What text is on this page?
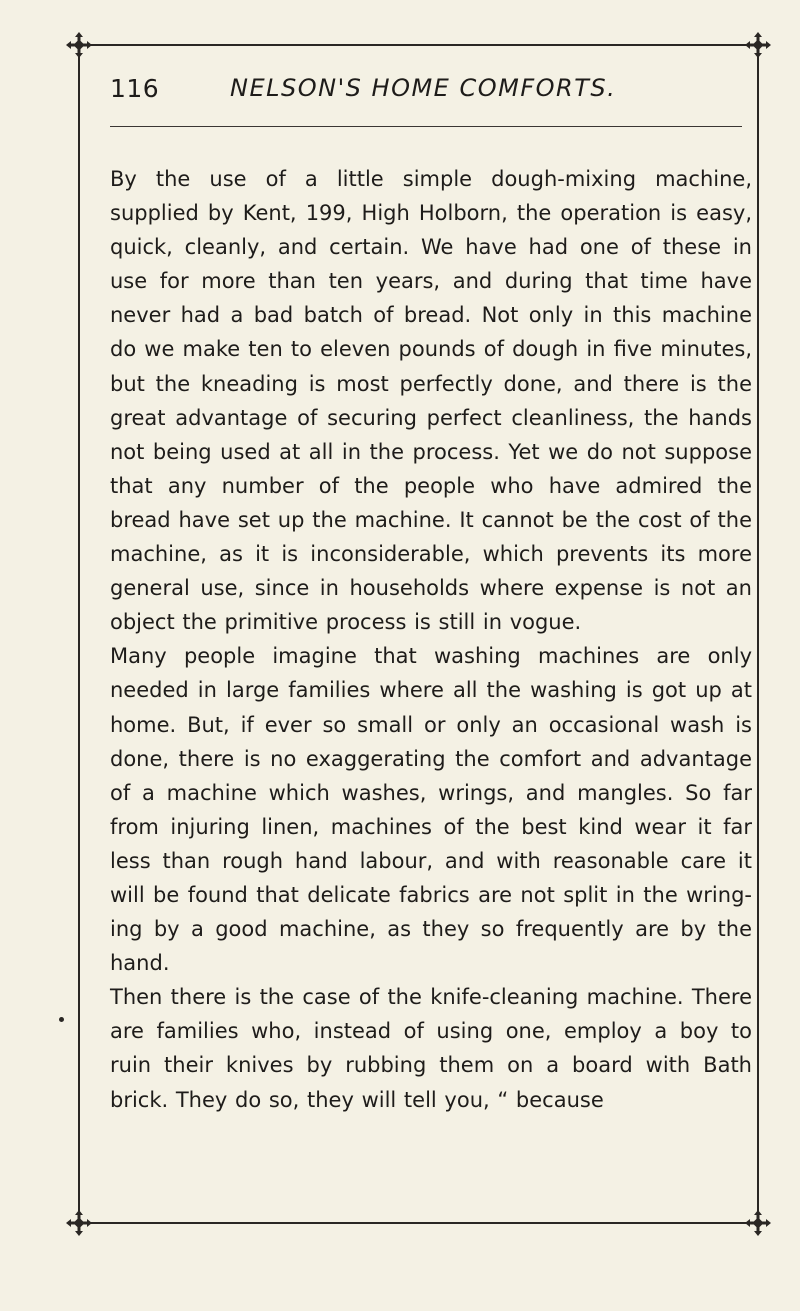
116	NELSON'S HOME COMFORTS.

By the use of a little simple dough-mixing machine, supplied by Kent, 199, High Holborn, the operation is easy, quick, cleanly, and certain. We have had one of these in use for more than ten years, and during that time have never had a bad batch of bread. Not only in this machine do we make ten to eleven pounds of dough in five minutes, but the kneading is most perfectly done, and there is the great advantage of securing perfect cleanliness, the hands not being used at all in the process. Yet we do not suppose that any number of the people who have admired the bread have set up the machine. It cannot be the cost of the machine, as it is inconsiderable, which prevents its more general use, since in households where expense is not an object the primitive process is still in vogue.

Many people imagine that washing machines are only needed in large families where all the washing is got up at home. But, if ever so small or only an occasional wash is done, there is no exaggerating the comfort and advantage of a machine which washes, wrings, and mangles. So far from injuring linen, machines of the best kind wear it far less than rough hand labour, and with reasonable care it will be found that delicate fabrics are not split in the wring-ing by a good machine, as they so frequently are by the hand.

Then there is the case of the knife-cleaning machine. There are families who, instead of using one, employ a boy to ruin their knives by rubbing them on a board with Bath brick. They do so, they will tell you, “ because
